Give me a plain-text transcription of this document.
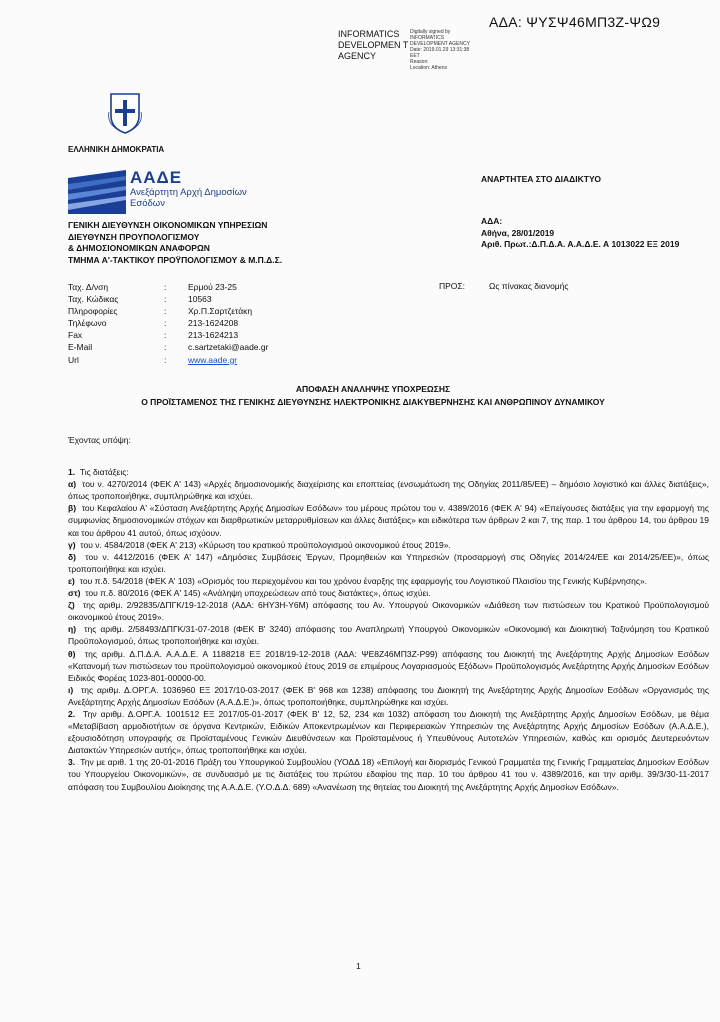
ΑΔΑ: ΨΥΣΨ46ΜΠ3Ζ-ΨΩ9
INFORMATICS DEVELOPMEN T AGENCY
Digitally signed by
INFORMATICS
DEVELOPMENT AGENCY
Date: 2019.01.29 13:31:38
EET
Reason:
Location: Athens
ΕΛΛΗΝΙΚΗ ΔΗΜΟΚΡΑΤΙΑ
ΑΑΔΕ
Ανεξάρτητη Αρχή Δημοσίων Εσόδων
ΓΕΝΙΚΗ ΔΙΕΥΘΥΝΣΗ ΟΙΚΟΝΟΜΙΚΩΝ ΥΠΗΡΕΣΙΩΝ
ΔΙΕΥΘΥΝΣΗ ΠΡΟΥΠΟΛΟΓΙΣΜΟΥ
& ΔΗΜΟΣΙΟΝΟΜΙΚΩΝ ΑΝΑΦΟΡΩΝ
ΤΜΗΜΑ Α'-ΤΑΚΤΙΚΟΥ ΠΡΟΫΠΟΛΟΓΙΣΜΟΥ & Μ.Π.Δ.Σ.
ΑΝΑΡΤΗΤΕΑ ΣΤΟ ΔΙΑΔΙΚΤΥΟ
ΑΔΑ:
Αθήνα, 28/01/2019
Αριθ. Πρωτ.:Δ.Π.Δ.Α. Α.Α.Δ.Ε. Α 1013022 ΕΞ 2019
Ταχ. Δ/νση	:	Ερμού 23-25
Ταχ. Κώδικας	:	10563
Πληροφορίες	:	Χρ.Π.Σαρτζετάκη
Τηλέφωνο	:	213-1624208
Fax	:	213-1624213
E-Mail	:	c.sartzetaki@aade.gr
Url	:	www.aade.gr
ΠΡΟΣ:	Ως πίνακας διανομής
ΑΠΟΦΑΣΗ ΑΝΑΛΗΨΗΣ ΥΠΟΧΡΕΩΣΗΣ
Ο ΠΡΟΪΣΤΑΜΕΝΟΣ ΤΗΣ ΓΕΝΙΚΗΣ ΔΙΕΥΘΥΝΣΗΣ ΗΛΕΚΤΡΟΝΙΚΗΣ ΔΙΑΚΥΒΕΡΝΗΣΗΣ ΚΑΙ ΑΝΘΡΩΠΙΝΟΥ ΔΥΝΑΜΙΚΟΥ

Έχοντας υπόψη:

1. Τις διατάξεις:

α) του ν. 4270/2014 (ΦΕΚ Α' 143) «Αρχές δημοσιονομικής διαχείρισης και εποπτείας (ενσωμάτωση της Οδηγίας 2011/85/ΕΕ) – δημόσιο λογιστικό και άλλες διατάξεις», όπως τροποποιήθηκε, συμπληρώθηκε και ισχύει.

β) του Κεφαλαίου Α' «Σύσταση Ανεξάρτητης Αρχής Δημοσίων Εσόδων» του μέρους πρώτου του ν. 4389/2016 (ΦΕΚ Α' 94) «Επείγουσες διατάξεις για την εφαρμογή της συμφωνίας δημοσιονομικών στόχων και διαρθρωτικών μεταρρυθμίσεων και άλλες διατάξεις» και ειδικότερα των άρθρων 2 και 7, της παρ. 1 του άρθρου 14, του άρθρου 19 και του άρθρου 41 αυτού, όπως ισχύουν.

γ) του ν. 4584/2018 (ΦΕΚ Α' 213) «Κύρωση του κρατικού προϋπολογισμού οικονομικού έτους 2019».

δ) του ν. 4412/2016 (ΦΕΚ Α' 147) «Δημόσιες Συμβάσεις Έργων, Προμηθειών και Υπηρεσιών (προσαρμογή στις Οδηγίες 2014/24/ΕΕ και 2014/25/ΕΕ)», όπως τροποποιήθηκε και ισχύει.

ε) του π.δ. 54/2018 (ΦΕΚ Α' 103) «Ορισμός του περιεχομένου και του χρόνου έναρξης της εφαρμογής του Λογιστικού Πλαισίου της Γενικής Κυβέρνησης».

στ) του π.δ. 80/2016 (ΦΕΚ Α' 145) «Ανάληψη υποχρεώσεων από τους διατάκτες», όπως ισχύει.

ζ) της αριθμ. 2/92835/ΔΠΓΚ/19-12-2018 (ΑΔΑ: 6ΗΥ3Η-Υ6Μ) απόφασης του Αν. Υπουργού Οικονομικών «Διάθεση των πιστώσεων του Κρατικού Προϋπολογισμού οικονομικού έτους 2019».

η) της αριθμ. 2/58493/ΔΠΓΚ/31-07-2018 (ΦΕΚ Β' 3240) απόφασης του Αναπληρωτή Υπουργού Οικονομικών «Οικονομική και Διοικητική Ταξινόμηση του Κρατικού Προϋπολογισμού, όπως τροποποιήθηκε και ισχύει.

θ) της αριθμ. Δ.Π.Δ.Α. Α.Α.Δ.Ε. Α 1188218 ΕΞ 2018/19-12-2018 (ΑΔΑ: ΨΕ8Ζ46ΜΠ3Ζ-Ρ99) απόφασης του Διοικητή της Ανεξάρτητης Αρχής Δημοσίων Εσόδων «Κατανομή των πιστώσεων του προϋπολογισμού οικονομικού έτους 2019 σε επιμέρους Λογαριασμούς Εξόδων» Προϋπολογισμός Ανεξάρτητης Αρχής Δημοσίων Εσόδων Ειδικός Φορέας 1023-801-00000-00.

ι) της αριθμ. Δ.ΟΡΓ.Α. 1036960 ΕΞ 2017/10-03-2017 (ΦΕΚ Β' 968 και 1238) απόφασης του Διοικητή της Ανεξάρτητης Αρχής Δημοσίων Εσόδων «Οργανισμός της Ανεξάρτητης Αρχής Δημοσίων Εσόδων (Α.Α.Δ.Ε.)», όπως τροποποιήθηκε, συμπληρώθηκε και ισχύει.

2. Την αριθμ. Δ.ΟΡΓ.Α. 1001512 ΕΞ 2017/05-01-2017 (ΦΕΚ Β' 12, 52, 234 και 1032) απόφαση του Διοικητή της Ανεξάρτητης Αρχής Δημοσίων Εσόδων, με θέμα «Μεταβίβαση αρμοδιοτήτων σε όργανα Κεντρικών, Ειδικών Αποκεντρωμένων και Περιφερειακών Υπηρεσιών της Ανεξάρτητης Αρχής Δημοσίων Εσόδων (Α.Α.Δ.Ε.), εξουσιοδότηση υπογραφής σε Προϊσταμένους Γενικών Διευθύνσεων και Προϊσταμένους ή Υπευθύνους Αυτοτελών Υπηρεσιών, καθώς και ορισμός Δευτερευόντων Διατακτών Υπηρεσιών αυτής», όπως τροποποιήθηκε και ισχύει.

3. Την με αριθ. 1 της 20-01-2016 Πράξη του Υπουργικού Συμβουλίου (ΥΟΔΔ 18) «Επιλογή και διορισμός Γενικού Γραμματέα της Γενικής Γραμματείας Δημοσίων Εσόδων του Υπουργείου Οικονομικών», σε συνδυασμό με τις διατάξεις του πρώτου εδαφίου της παρ. 10 του άρθρου 41 του ν. 4389/2016, και την αριθμ. 39/3/30-11-2017 απόφαση του Συμβουλίου Διοίκησης της Α.Α.Δ.Ε. (Υ.Ο.Δ.Δ. 689) «Ανανέωση της θητείας του Διοικητή της Ανεξάρτητης Αρχής Δημοσίων Εσόδων».

1
